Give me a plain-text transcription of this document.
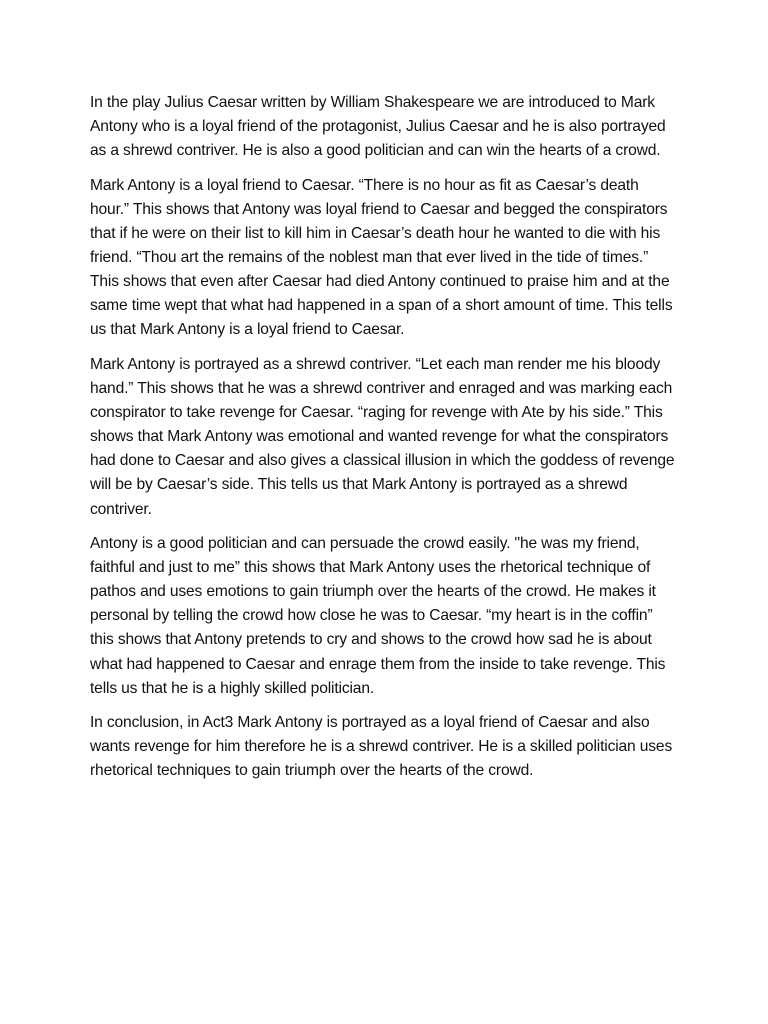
In the play Julius Caesar written by William Shakespeare we are introduced to Mark Antony who is a loyal friend of the protagonist, Julius Caesar and he is also portrayed as a shrewd contriver. He is also a good politician and can win the hearts of a crowd.

Mark Antony is a loyal friend to Caesar. “There is no hour as fit as Caesar’s death hour.” This shows that Antony was loyal friend to Caesar and begged the conspirators that if he were on their list to kill him in Caesar’s death hour he wanted to die with his friend. “Thou art the remains of the noblest man that ever lived in the tide of times.” This shows that even after Caesar had died Antony continued to praise him and at the same time wept that what had happened in a span of a short amount of time. This tells us that Mark Antony is a loyal friend to Caesar.

Mark Antony is portrayed as a shrewd contriver. “Let each man render me his bloody hand.” This shows that he was a shrewd contriver and enraged and was marking each conspirator to take revenge for Caesar. “raging for revenge with Ate by his side.” This shows that Mark Antony was emotional and wanted revenge for what the conspirators had done to Caesar and also gives a classical illusion in which the goddess of revenge will be by Caesar’s side. This tells us that Mark Antony is portrayed as a shrewd contriver.

Antony is a good politician and can persuade the crowd easily. "he was my friend, faithful and just to me” this shows that Mark Antony uses the rhetorical technique of pathos and uses emotions to gain triumph over the hearts of the crowd. He makes it personal by telling the crowd how close he was to Caesar. “my heart is in the coffin” this shows that Antony pretends to cry and shows to the crowd how sad he is about what had happened to Caesar and enrage them from the inside to take revenge. This tells us that he is a highly skilled politician.

In conclusion, in Act3 Mark Antony is portrayed as a loyal friend of Caesar and also wants revenge for him therefore he is a shrewd contriver. He is a skilled politician uses rhetorical techniques to gain triumph over the hearts of the crowd.
